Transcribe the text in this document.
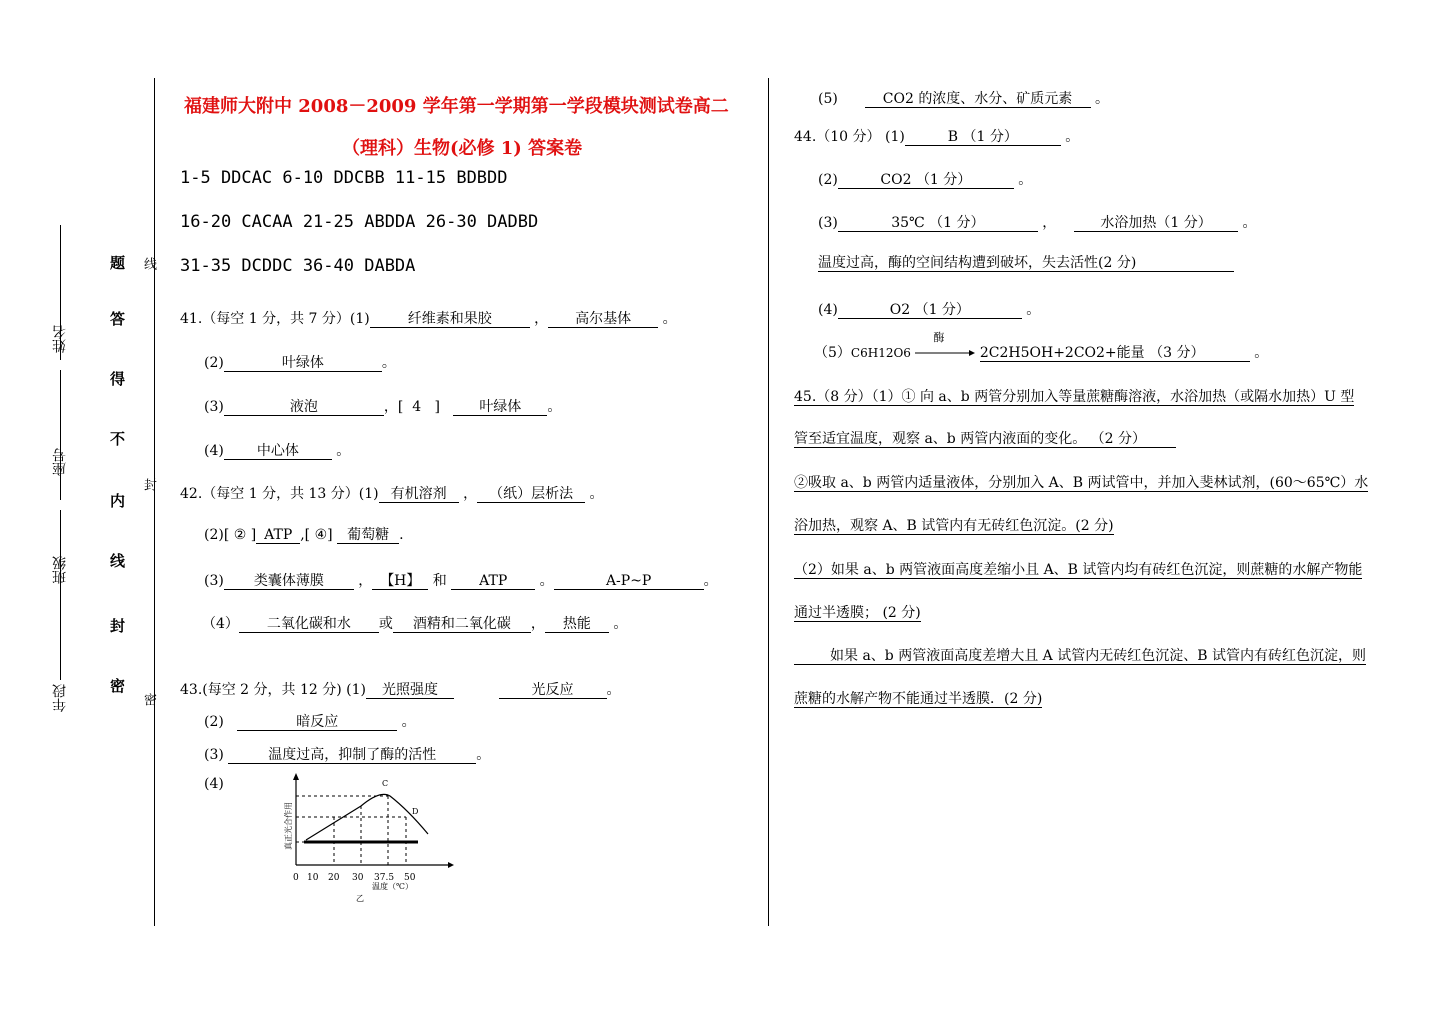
姓名
座号
班级
年段
题
答
得
不
内
线
封
密
线
封
密
福建师大附中 2008－2009 学年第一学期第一学段模块测试卷高二
（理科）生物(必修 1) 答案卷
1-5 DDCAC 6-10 DDCBB 11-15 BDBDD
16-20 CACAA 21-25 ABDDA 26-30 DADBD
31-35 DCDDC 36-40 DABDA
41.（每空 1 分，共 7 分）(1)	纤维素和果胶	， 高尔基体 。
(2)	叶绿体	。
(3)	液泡	，[  4   ]   叶绿体 。
(4) 中心体 。
42.（每空 1 分，共 13 分）(1) 有机溶剂 ， （纸）层析法 。
(2)[ ② ] ATP ,[ ④] 葡萄糖 .
(3) 类囊体薄膜 ， 【H】 和 ATP 。	A-P~P	。
（4） 二氧化碳和水 或 酒精和二氧化碳 ， 热能 。
43.(每空 2 分，共 12 分) (1) 光照强度	光反应 。
(2)	暗反应	。
(3)	温度过高，抑制了酶的活性	。
(4)	C
D
0 10 20 30 37.5 50
温度（℃）
乙
真正光合作用
(5)	CO2 的浓度、水分、矿质元素 。
44.（10 分） (1)	B （1 分）	。
(2)	CO2 （1 分）	。
(3)	35℃ （1 分）	，    水浴加热（1 分） 。
温度过高，酶的空间结构遭到破坏，失去活性(2 分)
(4)	O2 （1 分）	。
（5）C6H12O6
酶
2C2H5OH+2CO2+能量 （3 分）	。
45.（8 分）（1）① 向 a、b 两管分别加入等量蔗糖酶溶液，水浴加热（或隔水加热）U 型
管至适宜温度，观察 a、b 两管内液面的变化。 （2 分）
②吸取 a、b 两管内适量液体，分别加入 A、B 两试管中，并加入斐林试剂，(60～65℃）水
浴加热，观察 A、B 试管内有无砖红色沉淀。(2 分)
（2）如果 a、b 两管液面高度差缩小且 A、B 试管内均有砖红色沉淀，则蔗糖的水解产物能
通过半透膜； (2 分)
如果 a、b 两管液面高度差增大且 A 试管内无砖红色沉淀、B 试管内有砖红色沉淀，则
蔗糖的水解产物不能通过半透膜．(2 分)
